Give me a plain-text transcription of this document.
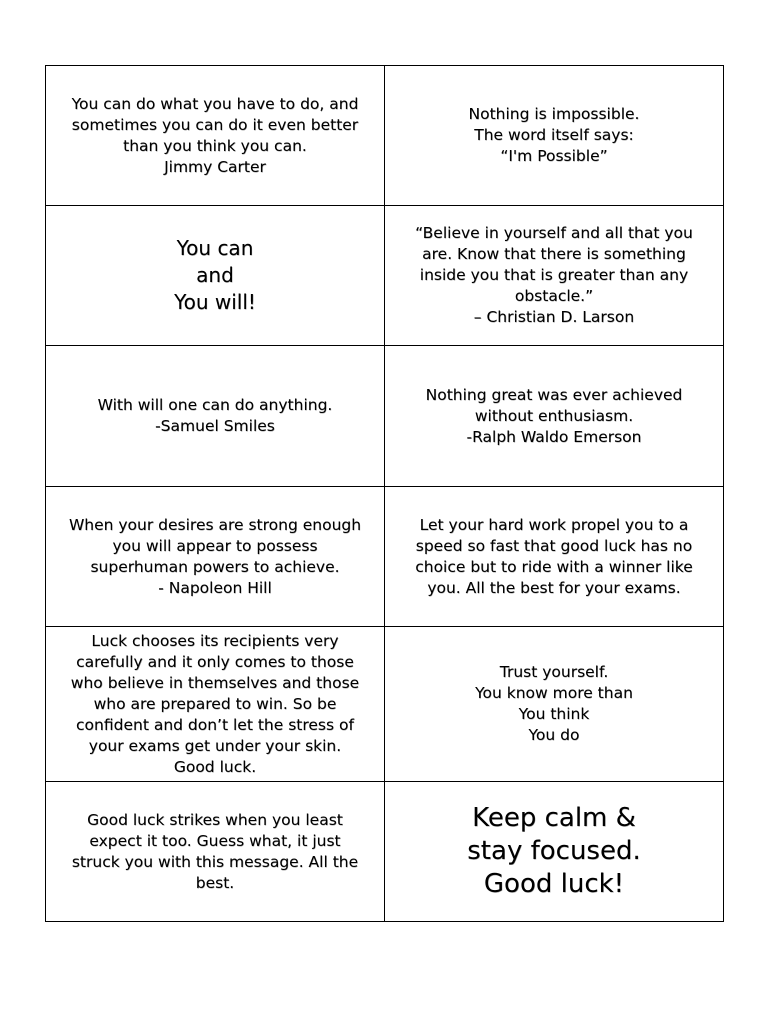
You can do what you have to do, and
sometimes you can do it even better
than you think you can.
Jimmy Carter
Nothing is impossible.
The word itself says:
“I'm Possible”
You can
and
You will!
“Believe in yourself and all that you
are. Know that there is something
inside you that is greater than any
obstacle.”
– Christian D. Larson
With will one can do anything.
-Samuel Smiles
Nothing great was ever achieved
without enthusiasm.
-Ralph Waldo Emerson
When your desires are strong enough
you will appear to possess
superhuman powers to achieve.
- Napoleon Hill
Let your hard work propel you to a
speed so fast that good luck has no
choice but to ride with a winner like
you. All the best for your exams.
Luck chooses its recipients very
carefully and it only comes to those
who believe in themselves and those
who are prepared to win. So be
confident and don’t let the stress of
your exams get under your skin.
Good luck.
Trust yourself.
You know more than
You think
You do
Good luck strikes when you least
expect it too. Guess what, it just
struck you with this message. All the
best.
Keep calm &
stay focused.
Good luck!
